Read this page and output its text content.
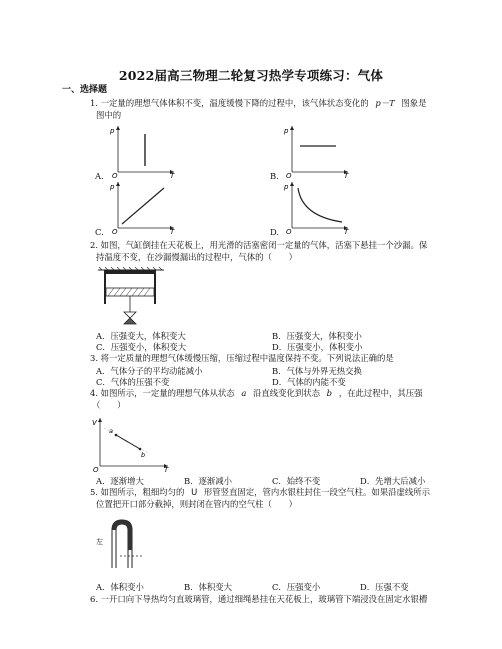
2022届高三物理二轮复习热学专项练习：气体
一、选择题
1. 一定量的理想气体体积不变，温度缓慢下降的过程中，该气体状态变化的 p－T 图象是
图中的
p
O	T
A.
p
O	T
B.
p
O	T
C.
p
O	T
D.
2. 如图，气缸倒挂在天花板上，用光滑的活塞密闭一定量的气体，活塞下悬挂一个沙漏。保
持温度不变，在沙漏慢漏出的过程中，气体的（　　）
A．压强变大，体积变大	B．压强变大，体积变小
C．压强变小，体积变大	D．压强变小，体积变小
3. 将一定质量的理想气体缓慢压缩，压缩过程中温度保持不变。下列说法正确的是
A．气体分子的平均动能减小	B．气体与外界无热交换
C．气体的压强不变	D．气体的内能不变
4. 如图所示，一定量的理想气体从状态 a 沿直线变化到状态 b ，在此过程中，其压强
（　　）
V
O	T
a
b
A．逐渐增大	B．逐渐减小	C．始终不变	D．先增大后减小
5. 如图所示，粗细均匀的 U 形管竖直固定，管内水银柱封住一段空气柱。如果沿虚线所示
位置把开口部分截掉，则封闭在管内的空气柱（　　）
左
A．体积变小	B．体积变大	C．压强变小	D．压强不变
6. 一开口向下导热均匀直玻璃管，通过细绳悬挂在天花板上，玻璃管下端浸没在固定水银槽
